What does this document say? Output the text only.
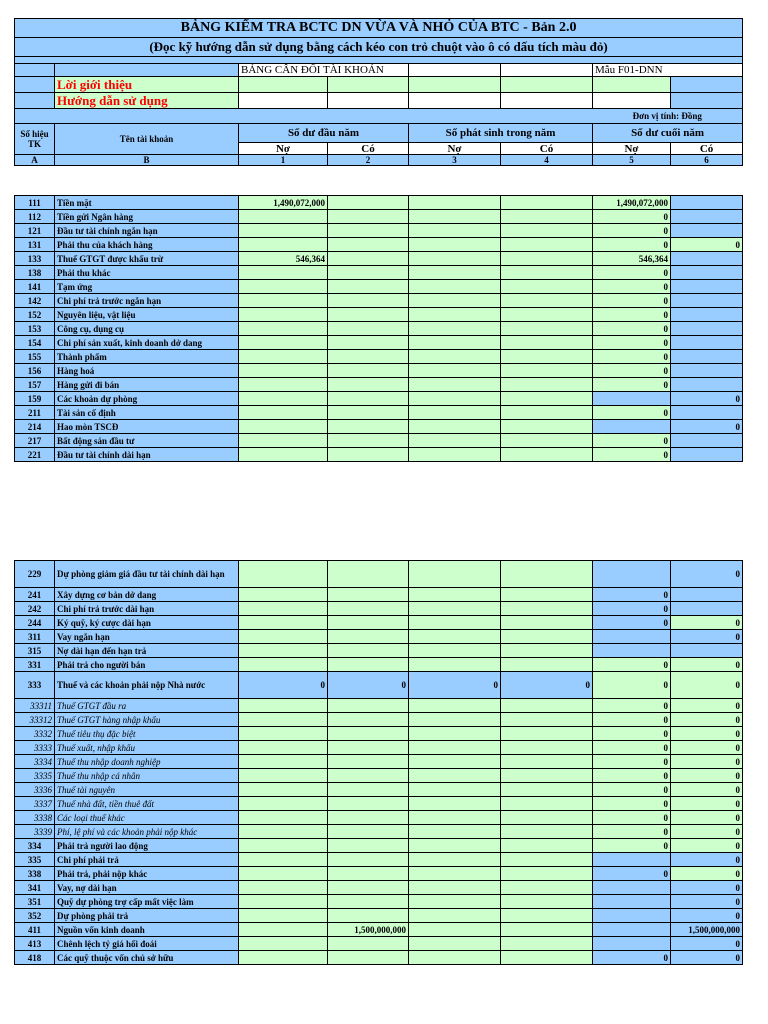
BẢNG KIỂM TRA BCTC DN VỪA VÀ NHỎ CỦA BTC - Bản 2.0							
(Đọc kỹ hướng dẫn sử dụng bằng cách kéo con trỏ chuột vào ô có dấu tích màu đỏ)							

		BẢNG CÂN ĐỐI TÀI KHOẢN				Mẫu F01-DNN	
	Lời giới thiệu						
	Hướng dẫn sử dụng						
						Đơn vị tính: Đồng	
Số hiệu TK	Tên tài khoản	Số dư đầu năm		Số phát sinh trong năm		Số dư cuối năm	
		Nợ	Có	Nợ	Có	Nợ	Có
A	B	1	2	3	4	5	6
111	Tiền mặt	1,490,072,000				1,490,072,000	
112	Tiền gửi Ngân hàng					0	
121	Đầu tư tài chính ngắn hạn					0	
131	Phải thu của khách hàng					0	0
133	Thuế GTGT được khấu trừ	546,364				546,364	
138	Phải thu khác					0	
141	Tạm ứng					0	
142	Chi phí trả trước ngắn hạn					0	
152	Nguyên liệu, vật liệu					0	
153	Công cụ, dụng cụ					0	
154	Chi phí sản xuất, kinh doanh dở dang					0	
155	Thành phẩm					0	
156	Hàng hoá					0	
157	Hàng gửi đi bán					0	
159	Các khoản dự phòng						0
211	Tài sản cố định					0	
214	Hao mòn TSCĐ						0
217	Bất động sản đầu tư					0	
221	Đầu tư tài chính dài hạn					0	
229	Dự phòng giảm giá đầu tư tài chính dài hạn						0
241	Xây dựng cơ bản dở dang					0	
242	Chi phí trả trước dài hạn					0	
244	Ký quỹ, ký cược dài hạn					0	0
311	Vay ngắn hạn						0
315	Nợ dài hạn đến hạn trả						
331	Phải trả cho người bán					0	0
333	Thuế và các khoản phải nộp Nhà nước	0	0	0	0	0	0
33311	Thuế GTGT đầu ra					0	0
33312	Thuế GTGT hàng nhập khẩu					0	0
3332	Thuế tiêu thụ đặc biệt					0	0
3333	Thuế xuất, nhập khẩu					0	0
3334	Thuế thu nhập doanh nghiệp					0	0
3335	Thuế thu nhập cá nhân					0	0
3336	Thuế tài nguyên					0	0
3337	Thuế nhà đất, tiền thuê đất					0	0
3338	Các loại thuế khác					0	0
3339	Phí, lệ phí và các khoản phải nộp khác					0	0
334	Phải trả người lao động					0	0
335	Chi phí phải trả						0
338	Phải trả, phải nộp khác					0	0
341	Vay, nợ dài hạn						0
351	Quỹ dự phòng trợ cấp mất việc làm						0
352	Dự phòng phải trả						0
411	Nguồn vốn kinh doanh		1,500,000,000				1,500,000,000
413	Chênh lệch tỷ giá hối đoái						0
418	Các quỹ thuộc vốn chủ sở hữu					0	0
